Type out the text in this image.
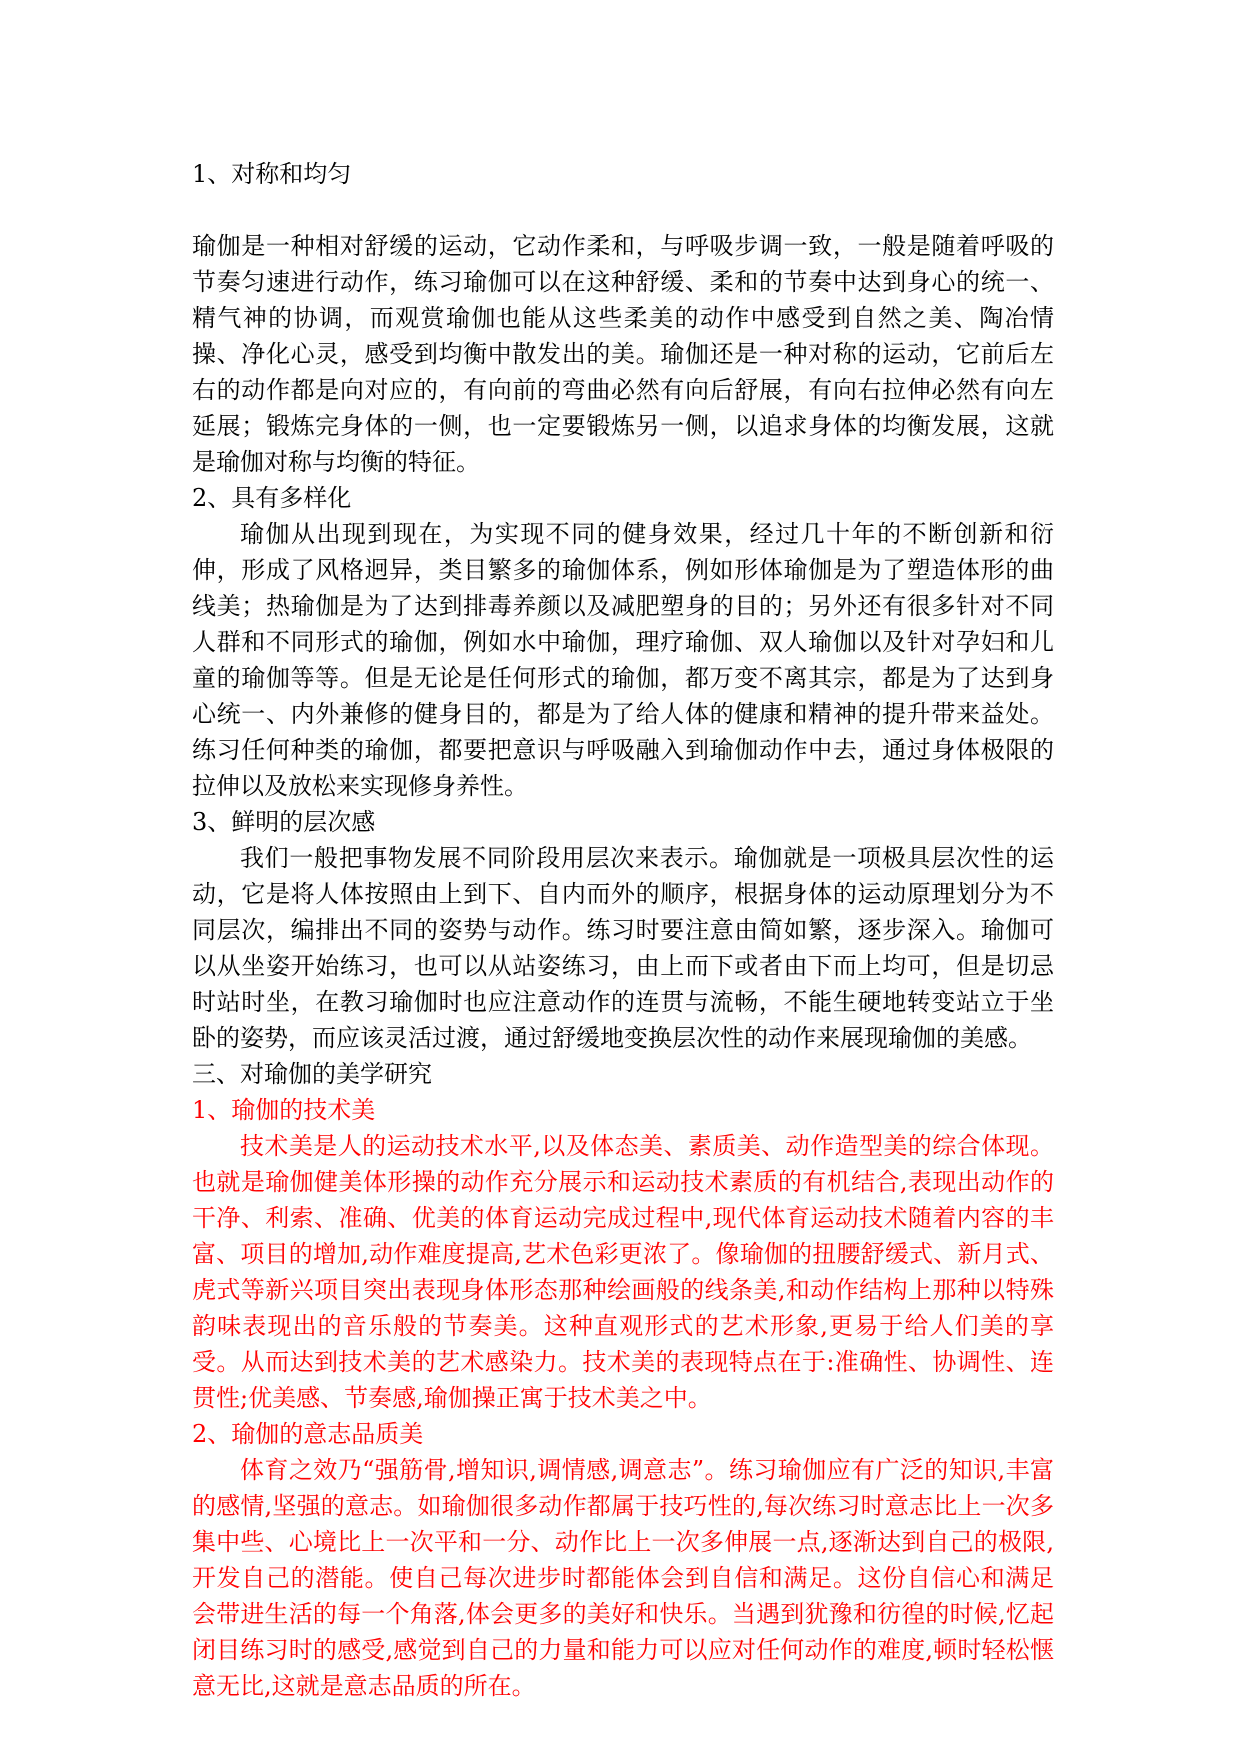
1、对称和均匀

瑜伽是一种相对舒缓的运动，它动作柔和，与呼吸步调一致，一般是随着呼吸的节奏匀速进行动作，练习瑜伽可以在这种舒缓、柔和的节奏中达到身心的统一、精气神的协调，而观赏瑜伽也能从这些柔美的动作中感受到自然之美、陶冶情操、净化心灵，感受到均衡中散发出的美。瑜伽还是一种对称的运动，它前后左右的动作都是向对应的，有向前的弯曲必然有向后舒展，有向右拉伸必然有向左延展；锻炼完身体的一侧，也一定要锻炼另一侧，以追求身体的均衡发展，这就是瑜伽对称与均衡的特征。

2、具有多样化

瑜伽从出现到现在，为实现不同的健身效果，经过几十年的不断创新和衍伸，形成了风格迥异，类目繁多的瑜伽体系，例如形体瑜伽是为了塑造体形的曲线美；热瑜伽是为了达到排毒养颜以及减肥塑身的目的；另外还有很多针对不同人群和不同形式的瑜伽，例如水中瑜伽，理疗瑜伽、双人瑜伽以及针对孕妇和儿童的瑜伽等等。但是无论是任何形式的瑜伽，都万变不离其宗，都是为了达到身心统一、内外兼修的健身目的，都是为了给人体的健康和精神的提升带来益处。练习任何种类的瑜伽，都要把意识与呼吸融入到瑜伽动作中去，通过身体极限的拉伸以及放松来实现修身养性。

3、鲜明的层次感

我们一般把事物发展不同阶段用层次来表示。瑜伽就是一项极具层次性的运动，它是将人体按照由上到下、自内而外的顺序，根据身体的运动原理划分为不同层次，编排出不同的姿势与动作。练习时要注意由简如繁，逐步深入。瑜伽可以从坐姿开始练习，也可以从站姿练习，由上而下或者由下而上均可，但是切忌时站时坐，在教习瑜伽时也应注意动作的连贯与流畅，不能生硬地转变站立于坐卧的姿势，而应该灵活过渡，通过舒缓地变换层次性的动作来展现瑜伽的美感。

三、对瑜伽的美学研究
1、瑜伽的技术美

技术美是人的运动技术水平,以及体态美、素质美、动作造型美的综合体现。也就是瑜伽健美体形操的动作充分展示和运动技术素质的有机结合,表现出动作的干净、利索、准确、优美的体育运动完成过程中,现代体育运动技术随着内容的丰富、项目的增加,动作难度提高,艺术色彩更浓了。像瑜伽的扭腰舒缓式、新月式、虎式等新兴项目突出表现身体形态那种绘画般的线条美,和动作结构上那种以特殊韵味表现出的音乐般的节奏美。这种直观形式的艺术形象,更易于给人们美的享受。从而达到技术美的艺术感染力。技术美的表现特点在于:准确性、协调性、连贯性;优美感、节奏感,瑜伽操正寓于技术美之中。

2、瑜伽的意志品质美

体育之效乃“强筋骨,增知识,调情感,调意志”。练习瑜伽应有广泛的知识,丰富的感情,坚强的意志。如瑜伽很多动作都属于技巧性的,每次练习时意志比上一次多集中些、心境比上一次平和一分、动作比上一次多伸展一点,逐渐达到自己的极限,开发自己的潜能。使自己每次进步时都能体会到自信和满足。这份自信心和满足会带进生活的每一个角落,体会更多的美好和快乐。当遇到犹豫和彷徨的时候,忆起闭目练习时的感受,感觉到自己的力量和能力可以应对任何动作的难度,顿时轻松惬意无比,这就是意志品质的所在。
